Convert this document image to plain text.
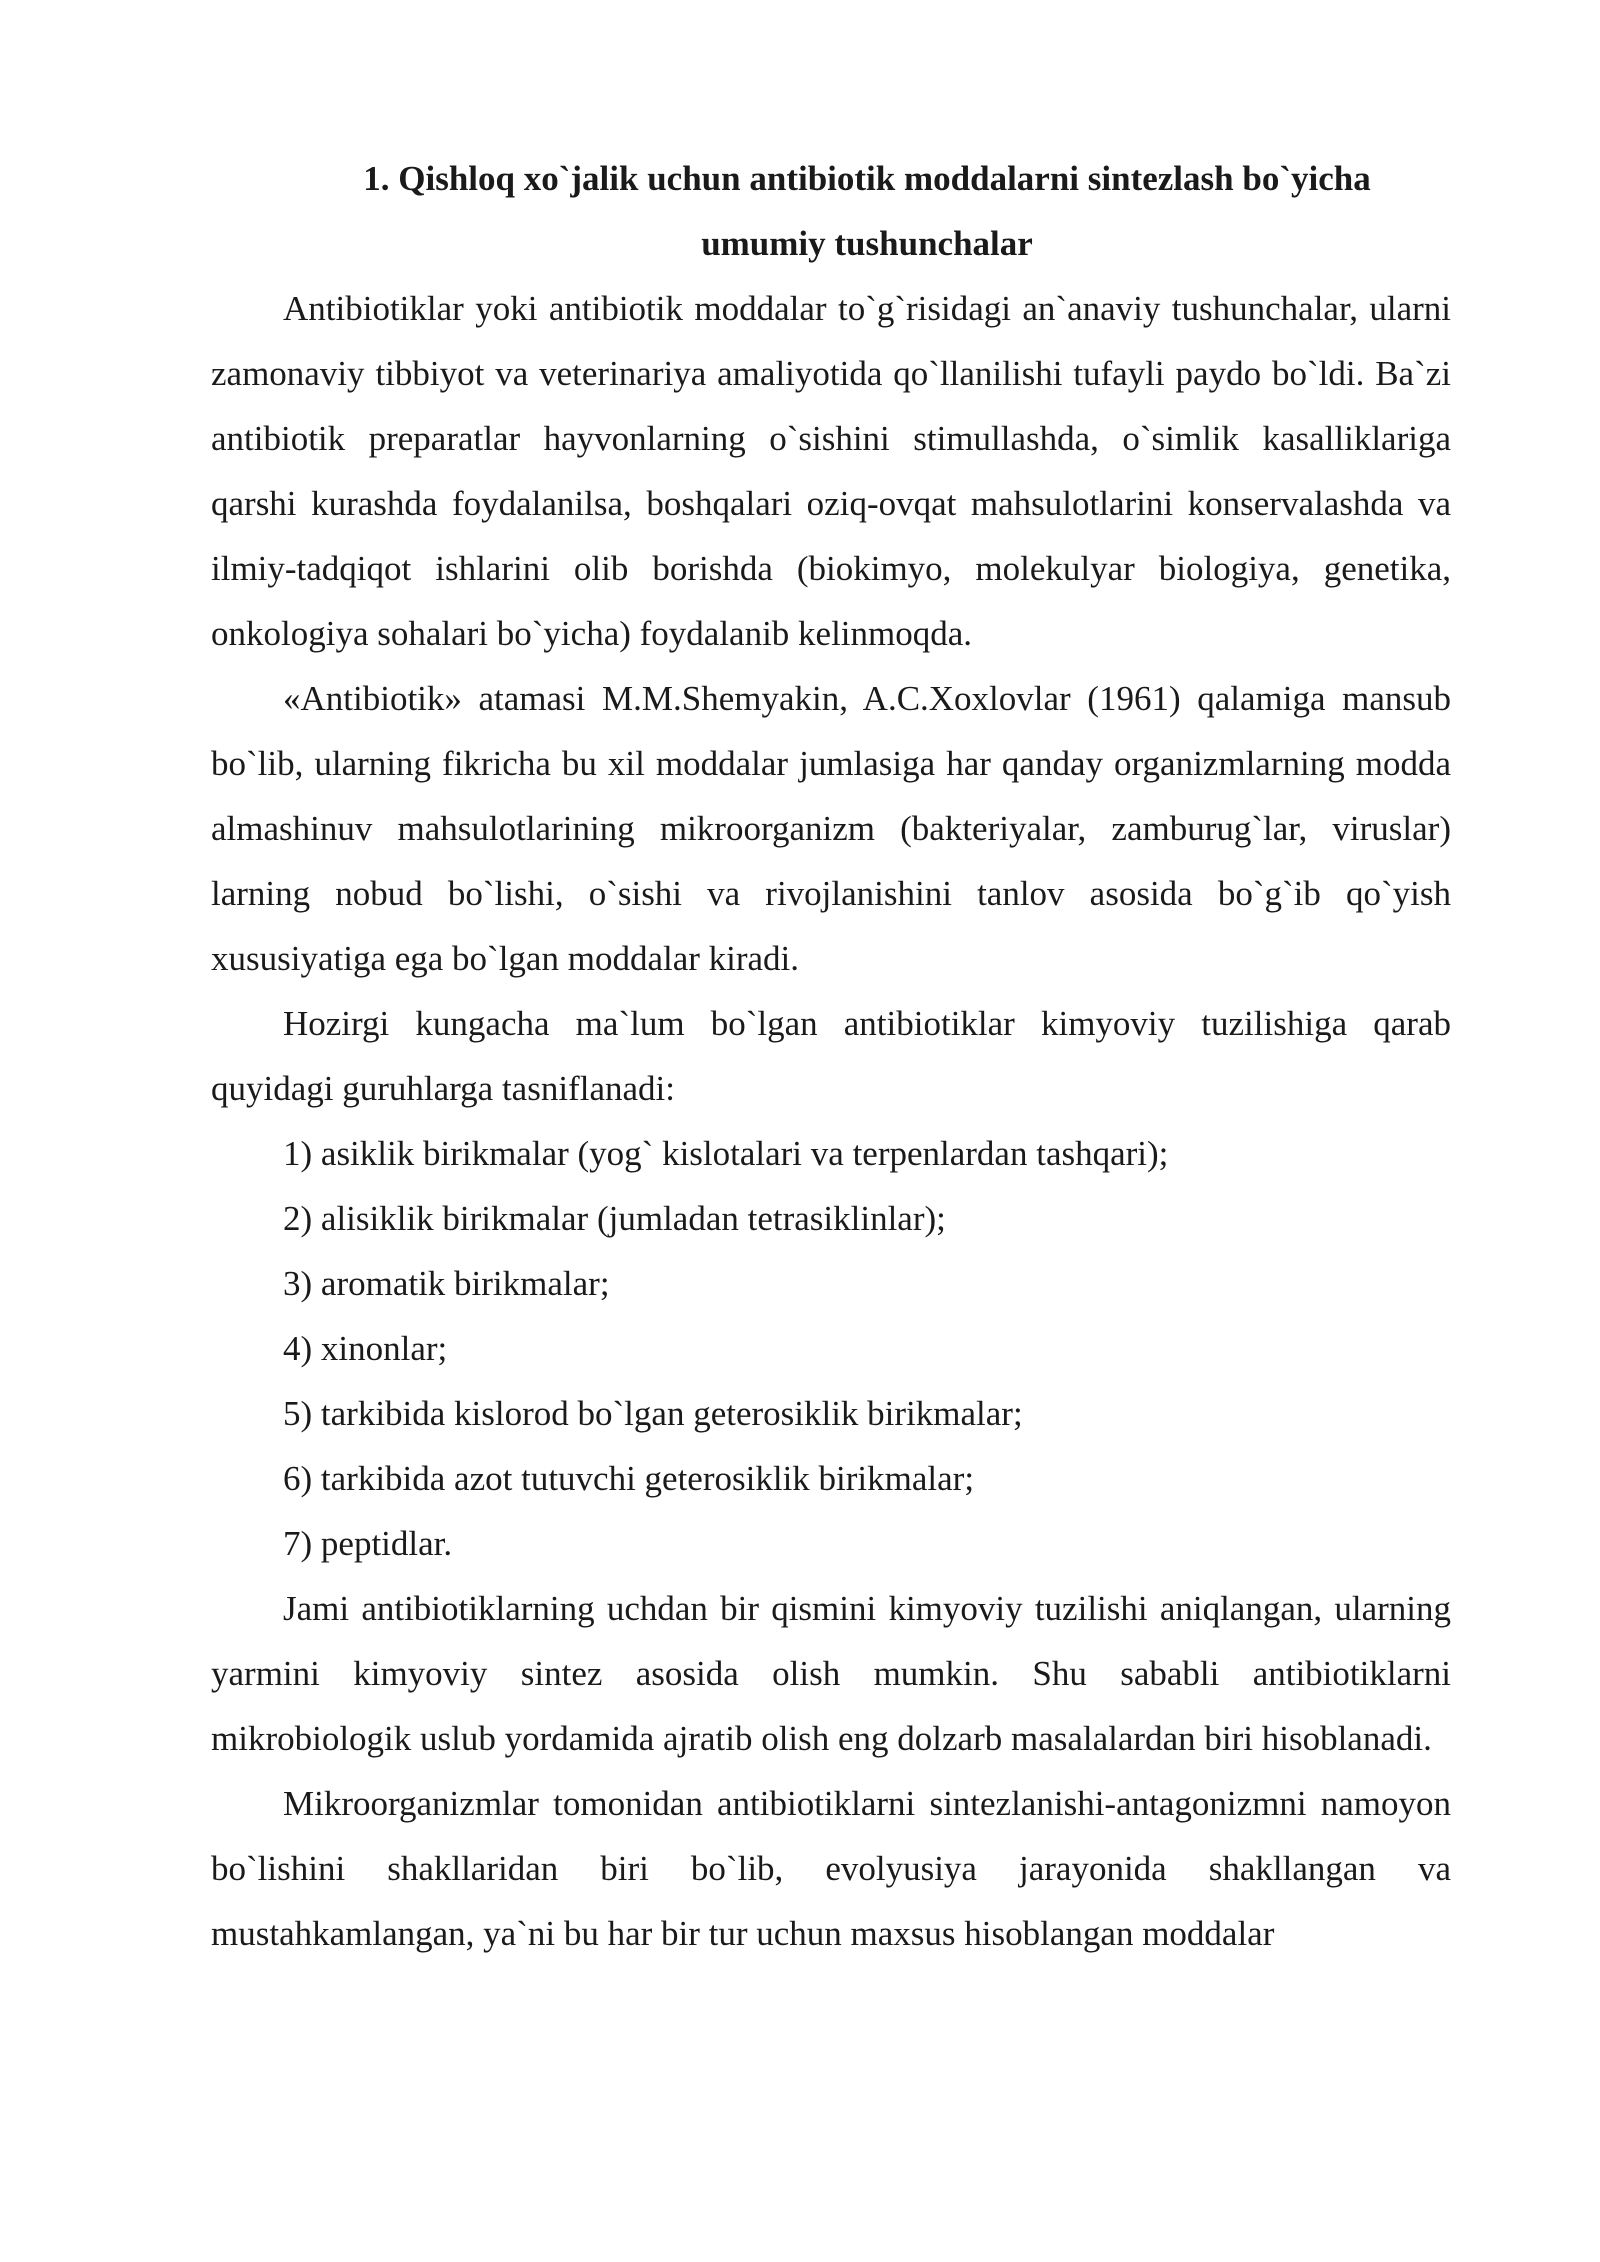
1. Qishloq xo`jalik uchun antibiotik moddalarni sintezlash bo`yicha
umumiy tushunchalar

Antibiotiklar yoki antibiotik moddalar to`g`risidagi an`anaviy tushunchalar, ularni zamonaviy tibbiyot va veterinariya amaliyotida qo`llanilishi tufayli paydo bo`ldi. Ba`zi antibiotik preparatlar hayvonlarning o`sishini stimullashda, o`simlik kasalliklariga qarshi kurashda foydalanilsa, boshqalari oziq-ovqat mahsulotlarini konservalashda va ilmiy-tadqiqot ishlarini olib borishda (biokimyo, molekulyar biologiya, genetika, onkologiya sohalari bo`yicha) foydalanib kelinmoqda.

«Antibiotik» atamasi M.M.Shemyakin, A.C.Xoxlovlar (1961) qalamiga mansub bo`lib, ularning fikricha bu xil moddalar jumlasiga har qanday organizmlarning modda almashinuv mahsulotlarining mikroorganizm (bakteriyalar, zamburug`lar, viruslar) larning nobud bo`lishi, o`sishi va rivojlanishini tanlov asosida bo`g`ib qo`yish xususiyatiga ega bo`lgan moddalar kiradi.

Hozirgi kungacha ma`lum bo`lgan antibiotiklar kimyoviy tuzilishiga qarab quyidagi guruhlarga tasniflanadi:

1) asiklik birikmalar (yog` kislotalari va terpenlardan tashqari);
2) alisiklik birikmalar (jumladan tetrasiklinlar);
3) aromatik birikmalar;
4) xinonlar;
5) tarkibida kislorod bo`lgan geterosiklik birikmalar;
6) tarkibida azot tutuvchi geterosiklik birikmalar;
7) peptidlar.

Jami antibiotiklarning uchdan bir qismini kimyoviy tuzilishi aniqlangan, ularning yarmini kimyoviy sintez asosida olish mumkin. Shu sababli antibiotiklarni mikrobiologik uslub yordamida ajratib olish eng dolzarb masalalardan biri hisoblanadi.

Mikroorganizmlar tomonidan antibiotiklarni sintezlanishi-antagonizmni namoyon bo`lishini shakllaridan biri bo`lib, evolyusiya jarayonida shakllangan va mustahkamlangan, ya`ni bu har bir tur uchun maxsus hisoblangan moddalar
